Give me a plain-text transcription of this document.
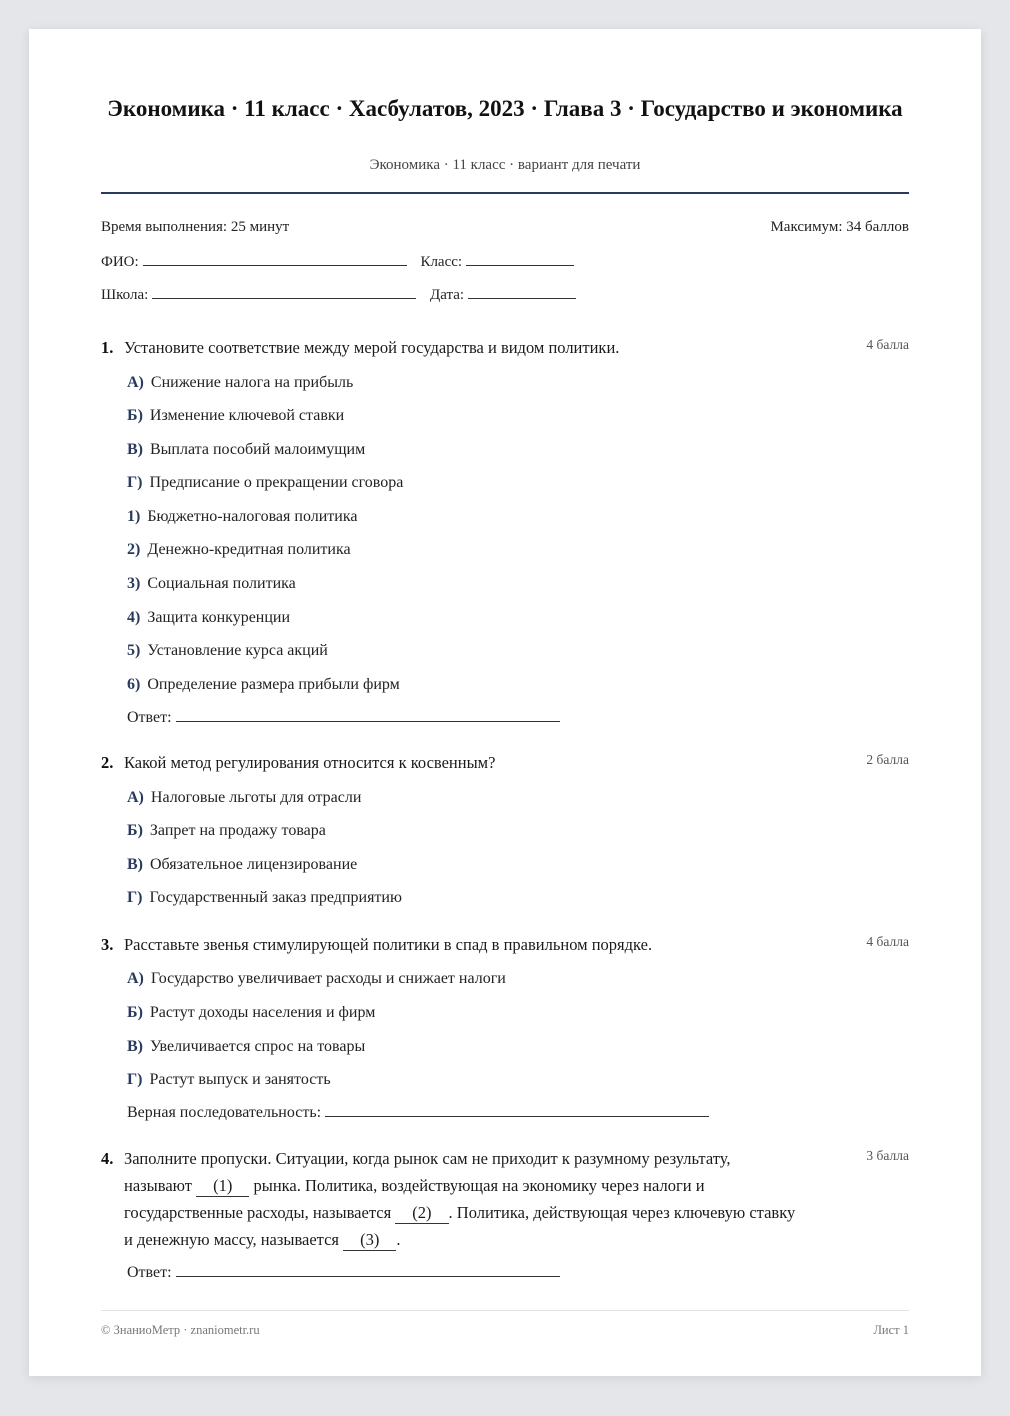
Экономика · 11 класс · Хасбулатов, 2023 · Глава 3 · Государство и экономика
Экономика · 11 класс · вариант для печати
Время выполнения: 25 минут	Максимум: 34 баллов
ФИО:	Класс:
Школа:	Дата:
1. Установите соответствие между мерой государства и видом политики.	4 балла
А) Снижение налога на прибыль
Б) Изменение ключевой ставки
В) Выплата пособий малоимущим
Г) Предписание о прекращении сговора
1) Бюджетно-налоговая политика
2) Денежно-кредитная политика
3) Социальная политика
4) Защита конкуренции
5) Установление курса акций
6) Определение размера прибыли фирм
Ответ:
2. Какой метод регулирования относится к косвенным?	2 балла
А) Налоговые льготы для отрасли
Б) Запрет на продажу товара
В) Обязательное лицензирование
Г) Государственный заказ предприятию
3. Расставьте звенья стимулирующей политики в спад в правильном порядке.	4 балла
А) Государство увеличивает расходы и снижает налоги
Б) Растут доходы населения и фирм
В) Увеличивается спрос на товары
Г) Растут выпуск и занятость
Верная последовательность:
4. Заполните пропуски. Ситуации, когда рынок сам не приходит к разумному результату, называют (1) рынка. Политика, воздействующая на экономику через налоги и государственные расходы, называется (2) . Политика, действующая через ключевую ставку и денежную массу, называется (3) .
3 балла
Ответ:
© ЗнаниоМетр · znaniometr.ru	Лист 1
